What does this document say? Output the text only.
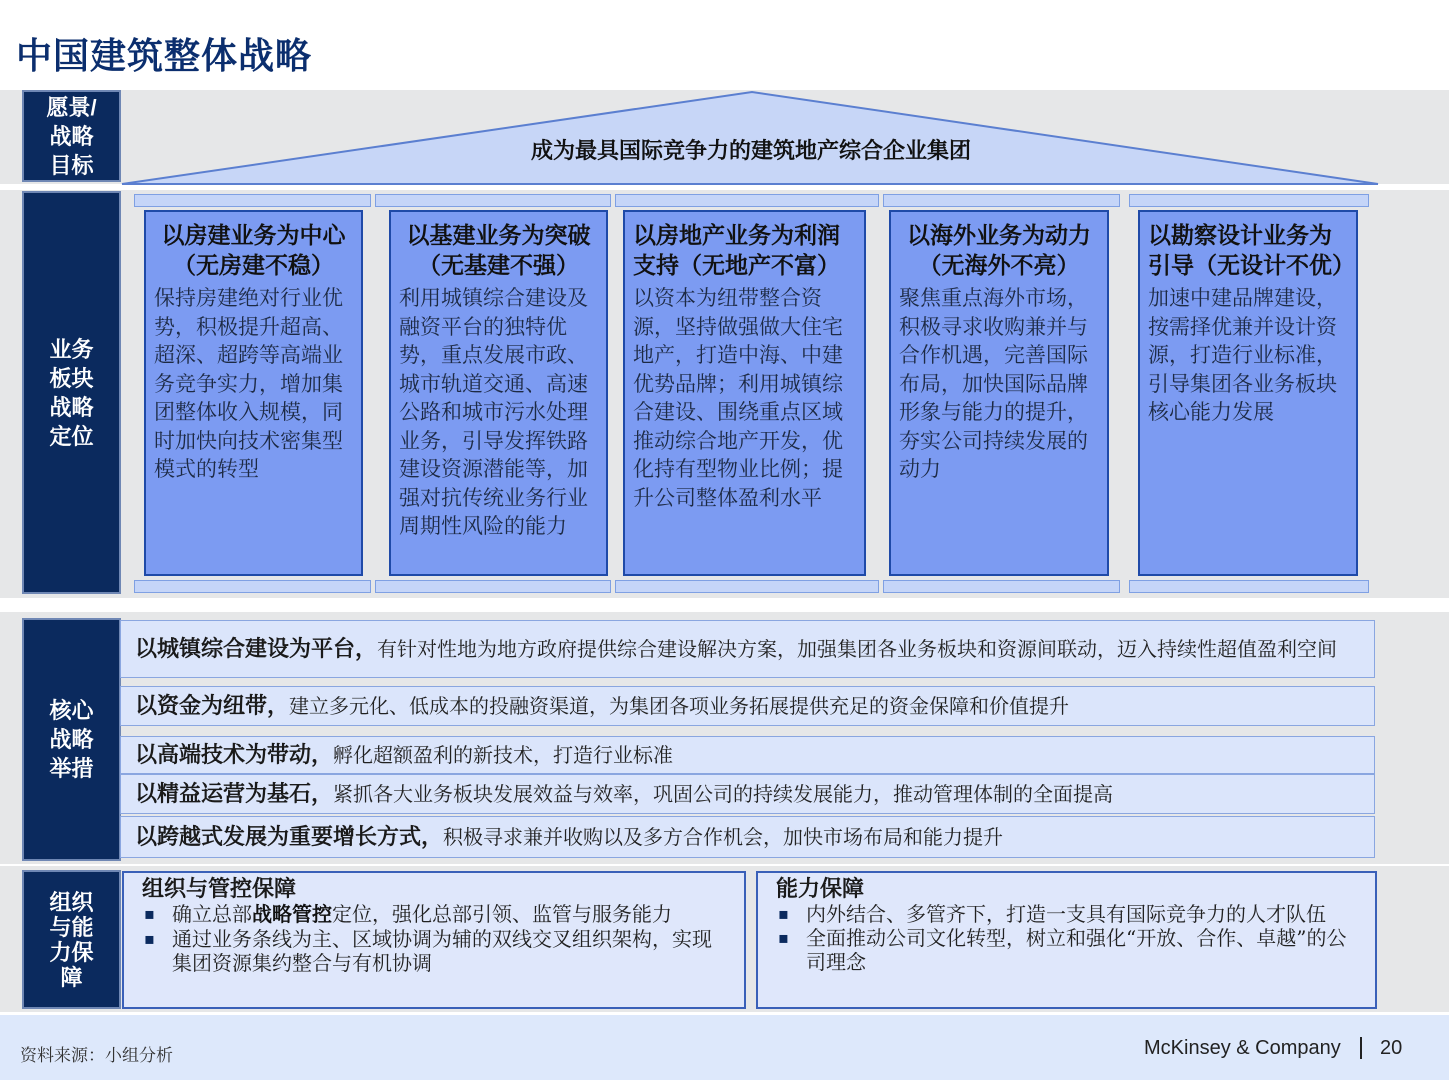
中国建筑整体战略
愿景/
战略
目标
成为最具国际竞争力的建筑地产综合企业集团
业务
板块
战略
定位
以房建业务为中心（无房建不稳）
保持房建绝对行业优势，积极提升超高、超深、超跨等高端业务竞争实力，增加集团整体收入规模，同时加快向技术密集型模式的转型
以基建业务为突破（无基建不强）
利用城镇综合建设及融资平台的独特优势，重点发展市政、城市轨道交通、高速公路和城市污水处理业务，引导发挥铁路建设资源潜能等，加强对抗传统业务行业周期性风险的能力
以房地产业务为利润支持（无地产不富）
以资本为纽带整合资源，坚持做强做大住宅地产，打造中海、中建优势品牌；利用城镇综合建设、围绕重点区域推动综合地产开发，优化持有型物业比例；提升公司整体盈利水平
以海外业务为动力（无海外不亮）
聚焦重点海外市场，积极寻求收购兼并与合作机遇，完善国际布局，加快国际品牌形象与能力的提升，夯实公司持续发展的动力
以勘察设计业务为引导（无设计不优）
加速中建品牌建设，按需择优兼并设计资源，打造行业标准，引导集团各业务板块核心能力发展
核心
战略
举措
以城镇综合建设为平台，有针对性地为地方政府提供综合建设解决方案，加强集团各业务板块和资源间联动，迈入持续性超值盈利空间
以资金为纽带，建立多元化、低成本的投融资渠道，为集团各项业务拓展提供充足的资金保障和价值提升
以高端技术为带动，孵化超额盈利的新技术，打造行业标准
以精益运营为基石，紧抓各大业务板块发展效益与效率，巩固公司的持续发展能力，推动管理体制的全面提高
以跨越式发展为重要增长方式，积极寻求兼并收购以及多方合作机会，加快市场布局和能力提升
组织
与能
力保
障
组织与管控保障
▪ 确立总部战略管控定位，强化总部引领、监管与服务能力
▪ 通过业务条线为主、区域协调为辅的双线交叉组织架构，实现集团资源集约整合与有机协调
能力保障
▪ 内外结合、多管齐下，打造一支具有国际竞争力的人才队伍
▪ 全面推动公司文化转型，树立和强化“开放、合作、卓越”的公司理念
资料来源：小组分析	McKinsey & Company 20
